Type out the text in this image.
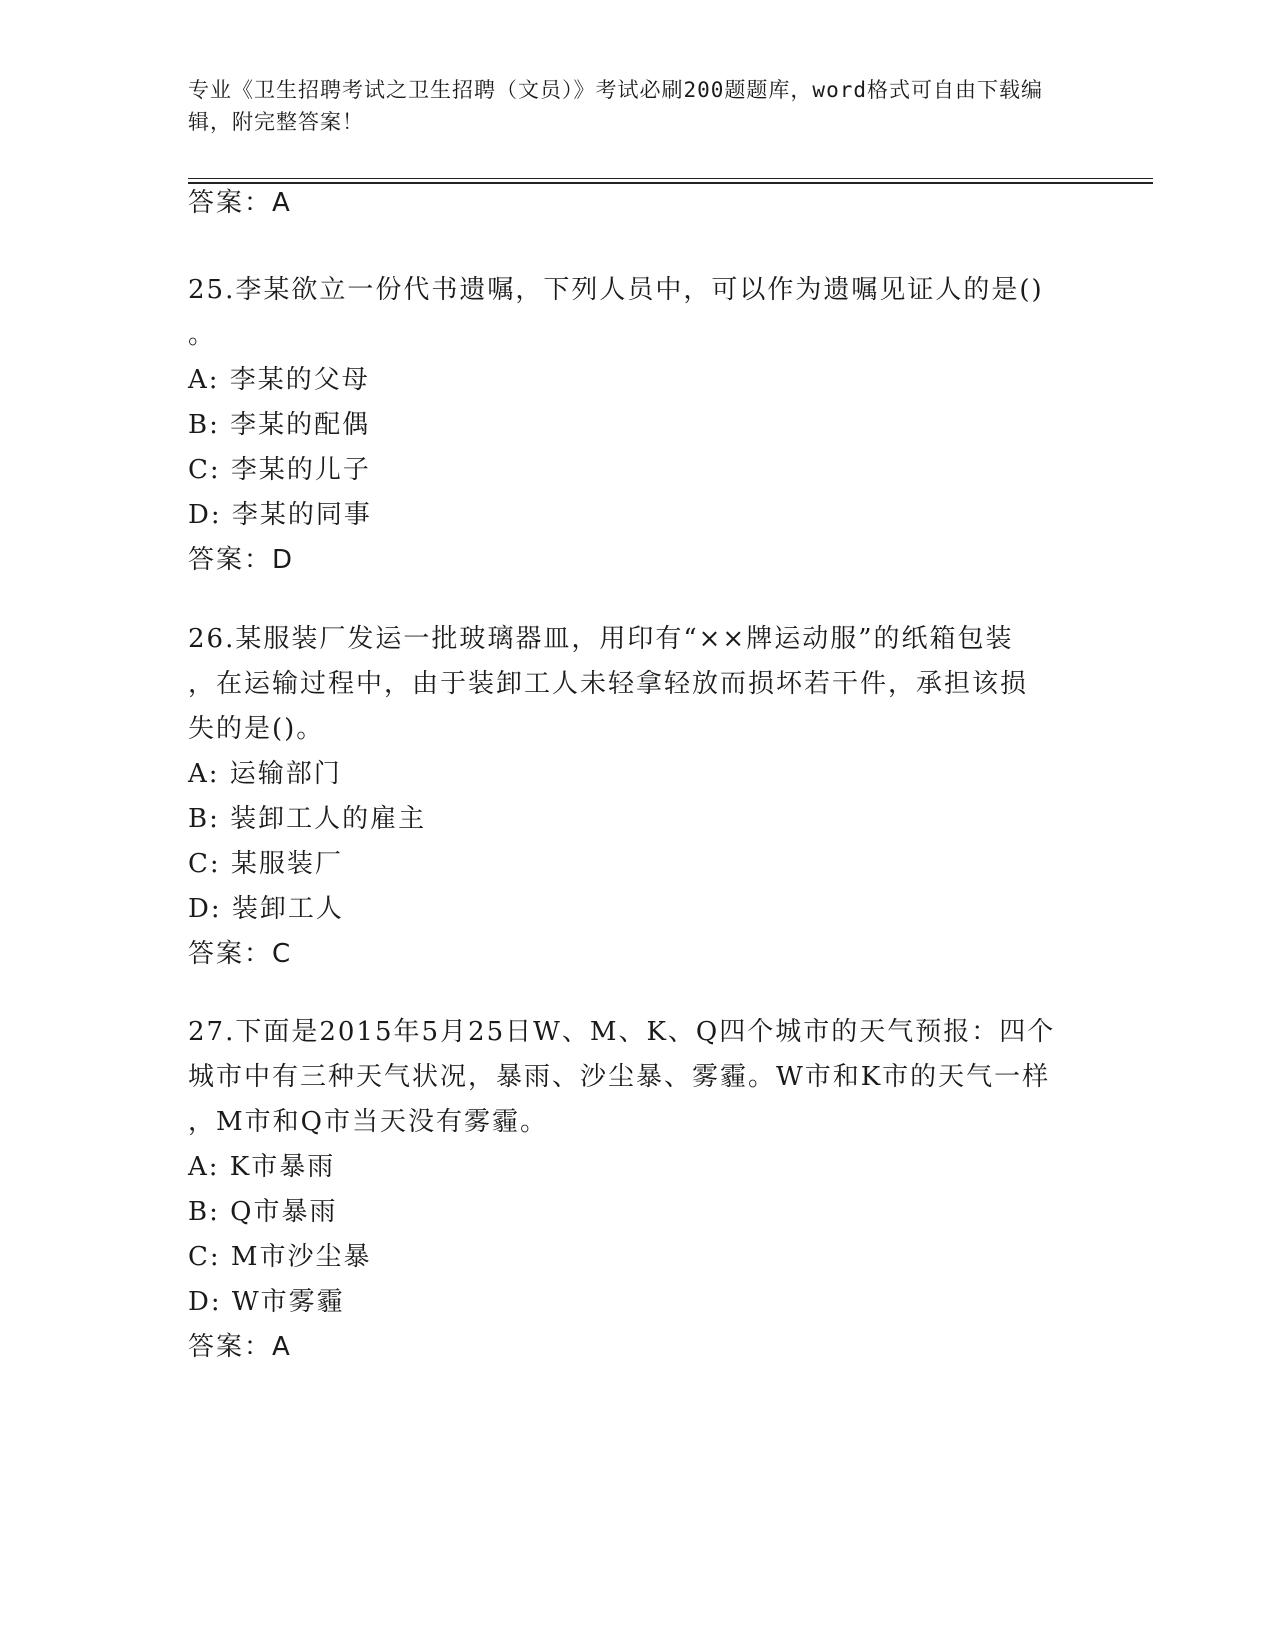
专业《卫生招聘考试之卫生招聘（文员）》考试必刷200题题库，word格式可自由下载编辑，附完整答案！
答案：A
25.李某欲立一份代书遗嘱，下列人员中，可以作为遗嘱见证人的是()
。
A: 李某的父母
B: 李某的配偶
C: 李某的儿子
D: 李某的同事
答案：D
26.某服装厂发运一批玻璃器皿，用印有“××牌运动服”的纸箱包装
，在运输过程中，由于装卸工人未轻拿轻放而损坏若干件，承担该损
失的是()。
A: 运输部门
B: 装卸工人的雇主
C: 某服装厂
D: 装卸工人
答案：C
27.下面是2015年5月25日W、M、K、Q四个城市的天气预报：四个
城市中有三种天气状况，暴雨、沙尘暴、雾霾。W市和K市的天气一样
，M市和Q市当天没有雾霾。
A: K市暴雨
B: Q市暴雨
C: M市沙尘暴
D: W市雾霾
答案：A
